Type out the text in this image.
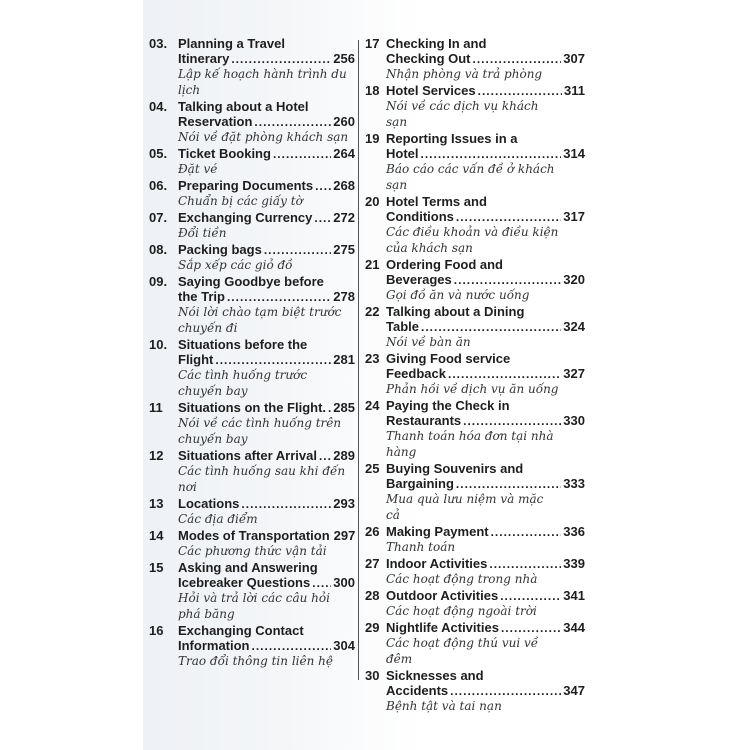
03. Planning a Travel
Itinerary .....	256
Lập kế hoạch hành trình du lịch
04. Talking about a Hotel
Reservation .....	260
Nói về đặt phòng khách sạn
05. Ticket Booking .....	264
Đặt vé
06. Preparing Documents ..... 268
Chuẩn bị các giấy tờ
07. Exchanging Currency ..... 272
Đổi tiền
08. Packing bags .....	275
Sắp xếp các giỏ đồ
09. Saying Goodbye before
the Trip .....	278
Nói lời chào tạm biệt trước chuyến đi
10. Situations before the
Flight .....	281
Các tình huống trước chuyến bay
11	Situations on the Flight. ..... 285
Nói về các tình huống trên chuyến bay
12	Situations after Arrival ..... 289
Các tình huống sau khi đến nơi
13	Locations .....	293
Các địa điểm
14	Modes of Transportation 297
Các phương thức vận tải
15	Asking and Answering
Icebreaker Questions ..... 300
Hỏi và trả lời các câu hỏi phá băng
16	Exchanging Contact
Information .....	304
Trao đổi thông tin liên hệ
17 Checking In and
Checking Out .....	307
Nhận phòng và trả phòng
18 Hotel Services .....	311
Nói về các dịch vụ khách sạn
19 Reporting Issues in a
Hotel .....	314
Báo cáo các vấn đề ở khách sạn
20 Hotel Terms and
Conditions .....	317
Các điều khoản và điều kiện của khách sạn
21 Ordering Food and
Beverages .....	320
Gọi đồ ăn và nước uống
22 Talking about a Dining
Table .....	324
Nói về bàn ăn
23 Giving Food service
Feedback .....	327
Phản hồi về dịch vụ ăn uống
24 Paying the Check in
Restaurants .....	330
Thanh toán hóa đơn tại nhà hàng
25 Buying Souvenirs and
Bargaining .....	333
Mua quà lưu niệm và mặc cả
26 Making Payment .....	336
Thanh toán
27 Indoor Activities .....	339
Các hoạt động trong nhà
28 Outdoor Activities .....	341
Các hoạt động ngoài trời
29 Nightlife Activities .....	344
Các hoạt động thú vui về đêm
30 Sicknesses and
Accidents .....	347
Bệnh tật và tai nạn
